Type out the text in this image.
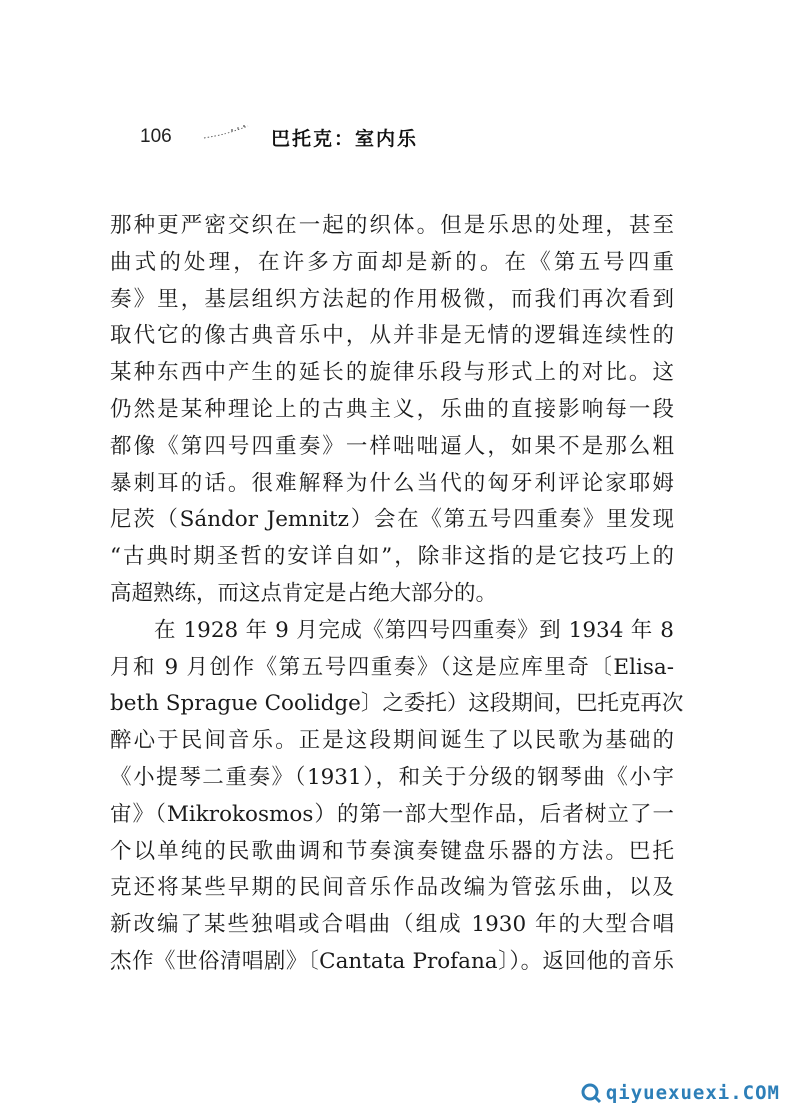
106	巴托克：室内乐
那种更严密交织在一起的织体。但是乐思的处理，甚至
曲式的处理，在许多方面却是新的。在《第五号四重
奏》里，基层组织方法起的作用极微，而我们再次看到
取代它的像古典音乐中，从并非是无情的逻辑连续性的
某种东西中产生的延长的旋律乐段与形式上的对比。这
仍然是某种理论上的古典主义，乐曲的直接影响每一段
都像《第四号四重奏》一样咄咄逼人，如果不是那么粗
暴刺耳的话。很难解释为什么当代的匈牙利评论家耶姆
尼茨（Sándor Jemnitz）会在《第五号四重奏》里发现
“古典时期圣哲的安详自如”，除非这指的是它技巧上的
高超熟练，而这点肯定是占绝大部分的。
在 1928 年 9 月完成《第四号四重奏》到 1934 年 8
月和 9 月创作《第五号四重奏》（这是应库里奇〔Elisa-
beth Sprague Coolidge〕之委托）这段期间，巴托克再次
醉心于民间音乐。正是这段期间诞生了以民歌为基础的
《小提琴二重奏》（1931），和关于分级的钢琴曲《小宇
宙》（Mikrokosmos）的第一部大型作品，后者树立了一
个以单纯的民歌曲调和节奏演奏键盘乐器的方法。巴托
克还将某些早期的民间音乐作品改编为管弦乐曲，以及
新改编了某些独唱或合唱曲（组成 1930 年的大型合唱
杰作《世俗清唱剧》〔Cantata Profana〕）。返回他的音乐
qiyuexuexi.COM
